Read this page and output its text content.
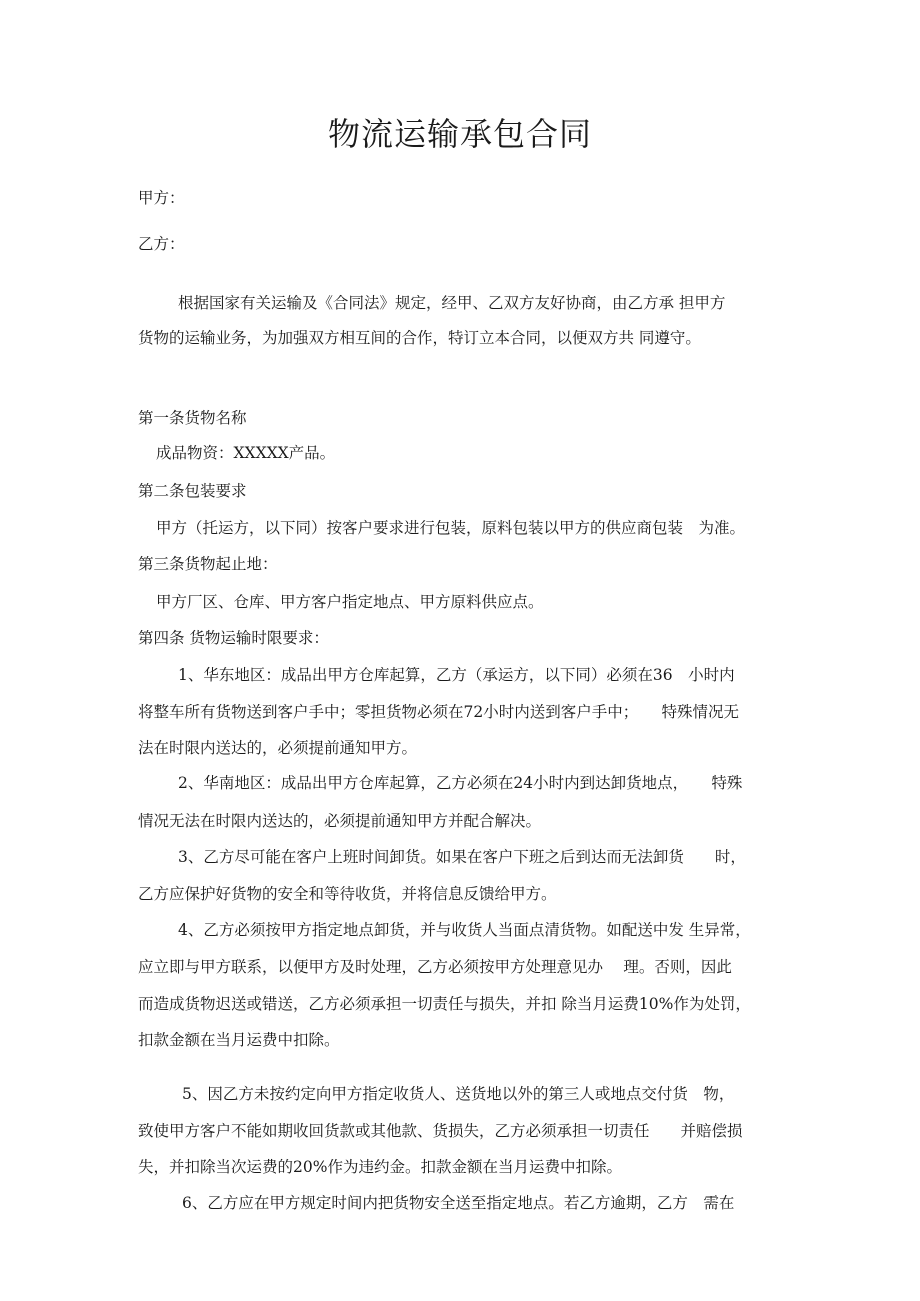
物流运输承包合同
甲方：
乙方：
根据国家有关运输及《合同法》规定，经甲、乙双方友好协商，由乙方承 担甲方
货物的运输业务，为加强双方相互间的合作，特订立本合同，以便双方共 同遵守。
第一条货物名称
成品物资：XXXXX产品。
第二条包装要求
甲方（托运方，以下同）按客户要求进行包装，原料包装以甲方的供应商包装　为准。
第三条货物起止地：
甲方厂区、仓库、甲方客户指定地点、甲方原料供应点。
第四条 货物运输时限要求：
1、华东地区：成品出甲方仓库起算，乙方（承运方，以下同）必须在36　小时内
将整车所有货物送到客户手中；零担货物必须在72小时内送到客户手中；　　特殊情况无
法在时限内送达的，必须提前通知甲方。
2、华南地区：成品出甲方仓库起算，乙方必须在24小时内到达卸货地点，　　特殊
情况无法在时限内送达的，必须提前通知甲方并配合解决。
3、乙方尽可能在客户上班时间卸货。如果在客户下班之后到达而无法卸货　　时，
乙方应保护好货物的安全和等待收货，并将信息反馈给甲方。
4、乙方必须按甲方指定地点卸货，并与收货人当面点清货物。如配送中发 生异常，
应立即与甲方联系，以便甲方及时处理，乙方必须按甲方处理意见办　 理。否则，因此
而造成货物迟送或错送，乙方必须承担一切责任与损失，并扣 除当月运费10%作为处罚，
扣款金额在当月运费中扣除。
5、因乙方未按约定向甲方指定收货人、送货地以外的第三人或地点交付货　物，
致使甲方客户不能如期收回货款或其他款、货损失，乙方必须承担一切责任　　并赔偿损
失，并扣除当次运费的20%作为违约金。扣款金额在当月运费中扣除。
6、乙方应在甲方规定时间内把货物安全送至指定地点。若乙方逾期，乙方　需在
